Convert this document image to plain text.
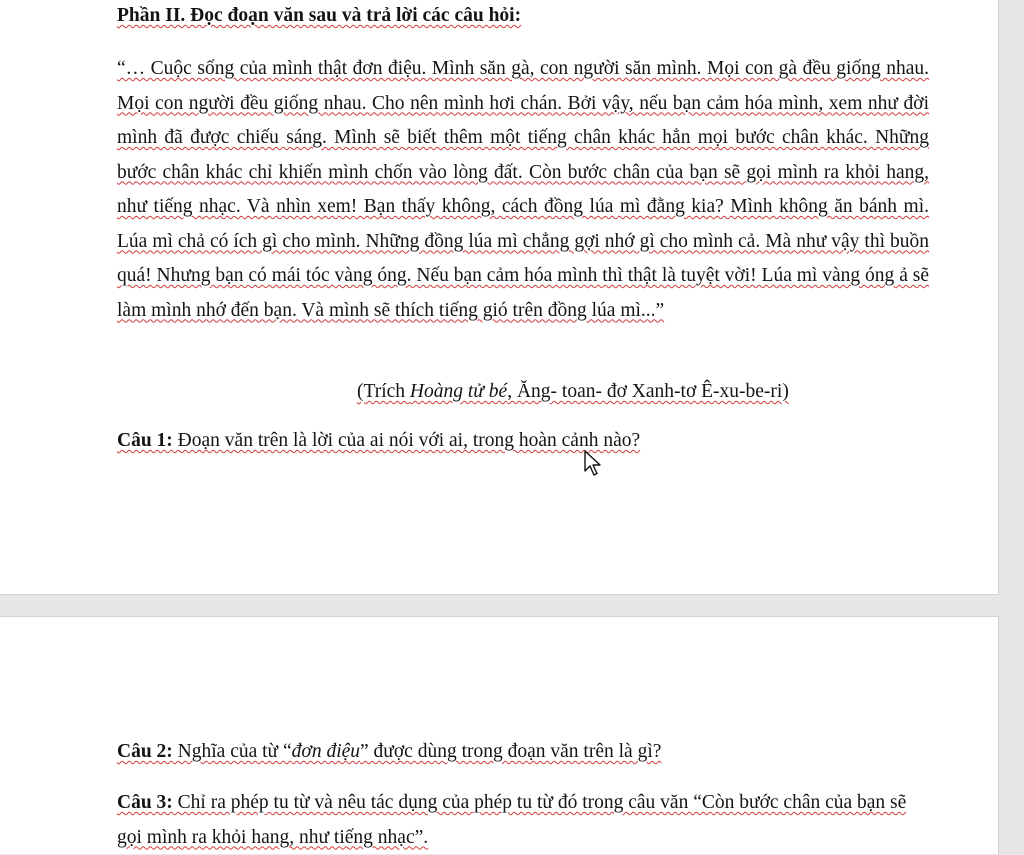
Phần II. Đọc đoạn văn sau và trả lời các câu hỏi:

“… Cuộc sống của mình thật đơn điệu. Mình săn gà, con người săn mình. Mọi con gà đều giống nhau. Mọi con người đều giống nhau. Cho nên mình hơi chán. Bởi vậy, nếu bạn cảm hóa mình, xem như đời mình đã được chiếu sáng. Mình sẽ biết thêm một tiếng chân khác hẳn mọi bước chân khác. Những bước chân khác chỉ khiến mình chốn vào lòng đất. Còn bước chân của bạn sẽ gọi mình ra khỏi hang, như tiếng nhạc. Và nhìn xem! Bạn thấy không, cách đồng lúa mì đằng kia? Mình không ăn bánh mì. Lúa mì chả có ích gì cho mình. Những đồng lúa mì chẳng gợi nhớ gì cho mình cả. Mà như vậy thì buồn quá! Nhưng bạn có mái tóc vàng óng. Nếu bạn cảm hóa mình thì thật là tuyệt vời! Lúa mì vàng óng ả sẽ làm mình nhớ đến bạn. Và mình sẽ thích tiếng gió trên đồng lúa mì...”

(Trích Hoàng tử bé, Ăng- toan- đơ Xanh-tơ Ê-xu-be-ri)

Câu 1: Đoạn văn trên là lời của ai nói với ai, trong hoàn cảnh nào?

Câu 2: Nghĩa của từ “đơn điệu” được dùng trong đoạn văn trên là gì?

Câu 3: Chỉ ra phép tu từ và nêu tác dụng của phép tu từ đó trong câu văn “Còn bước chân của bạn sẽ gọi mình ra khỏi hang, như tiếng nhạc”.
